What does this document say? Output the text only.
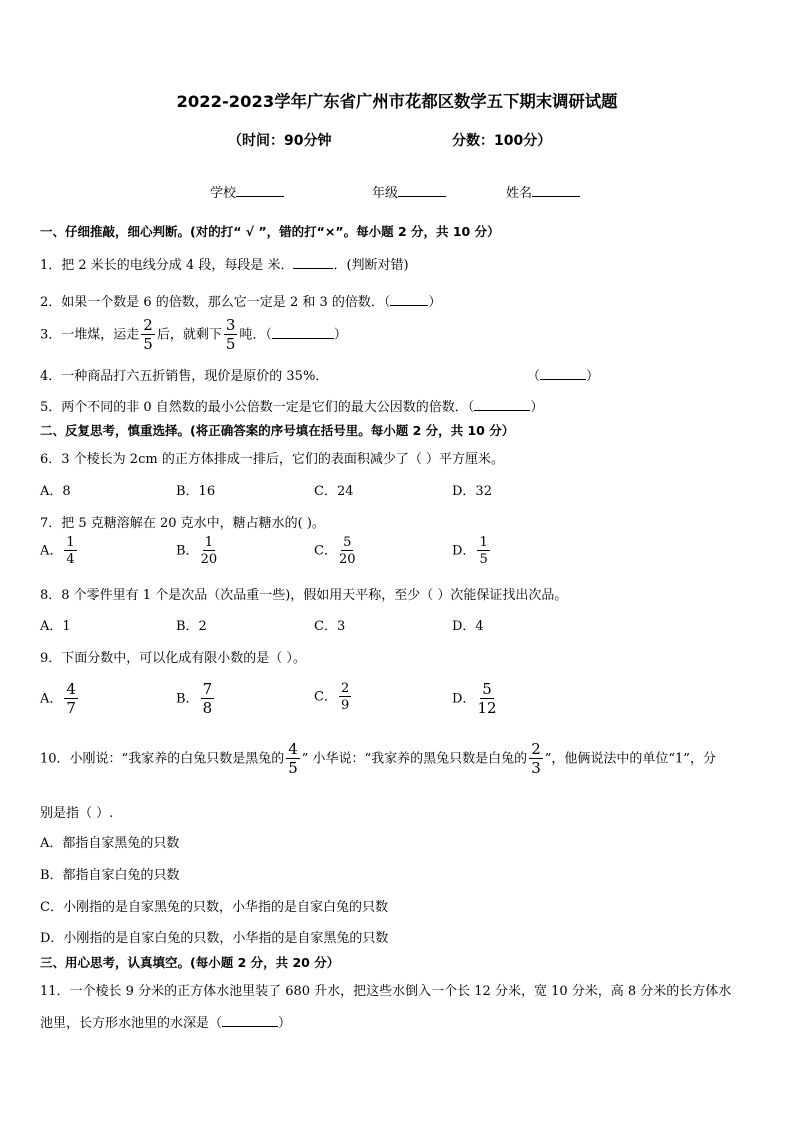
2022-2023学年广东省广州市花都区数学五下期末调研试题
（时间：90分钟	分数：100分）
学校	年级	姓名
一、仔细推敲，细心判断。(对的打“ √ ”，错的打“×”。每小题 2 分，共 10 分）
1．把 2 米长的电线分成 4 段，每段是 米．	．(判断对错)
2．如果一个数是 6 的倍数，那么它一定是 2 和 3 的倍数．（	）
3．一堆煤，运走 $\frac{2}{5}$ 后，就剩下 $\frac{3}{5}$ 吨．（	）
4．一种商品打六五折销售，现价是原价的 35%．	（	）
5．两个不同的非 0 自然数的最小公倍数一定是它们的最大公因数的倍数．（	）
二、反复思考，慎重选择。(将正确答案的序号填在括号里。每小题 2 分，共 10 分）
6．3 个棱长为 2cm 的正方体排成一排后，它们的表面积减少了（ ）平方厘米。
A．8	B．16	C．24	D．32
7．把 5 克糖溶解在 20 克水中，糖占糖水的( )。
A． $\frac{1}{4}$	B． $\frac{1}{20}$	C． $\frac{5}{20}$	D． $\frac{1}{5}$
8．8 个零件里有 1 个是次品（次品重一些)，假如用天平称，至少（ ）次能保证找出次品。
A．1	B．2	C．3	D．4
9．下面分数中，可以化成有限小数的是（ ）。
A． $\frac{4}{7}$	B． $\frac{7}{8}$	C． $\frac{2}{9}$	D． $\frac{5}{12}$
10．小刚说：“我家养的白兔只数是黑兔的 $\frac{4}{5}$ ” 小华说：“我家养的黑兔只数是白兔的 $\frac{2}{3}$ ”，他俩说法中的单位“1”，分
别是指（ ）.
A．都指自家黑兔的只数
B．都指自家白兔的只数
C．小刚指的是自家黑兔的只数，小华指的是自家白兔的只数
D．小刚指的是自家白兔的只数，小华指的是自家黑兔的只数
三、用心思考，认真填空。(每小题 2 分，共 20 分）
11．一个棱长 9 分米的正方体水池里装了 680 升水，把这些水倒入一个长 12 分米，宽 10 分米，高 8 分米的长方体水
池里，长方形水池里的水深是（	）
